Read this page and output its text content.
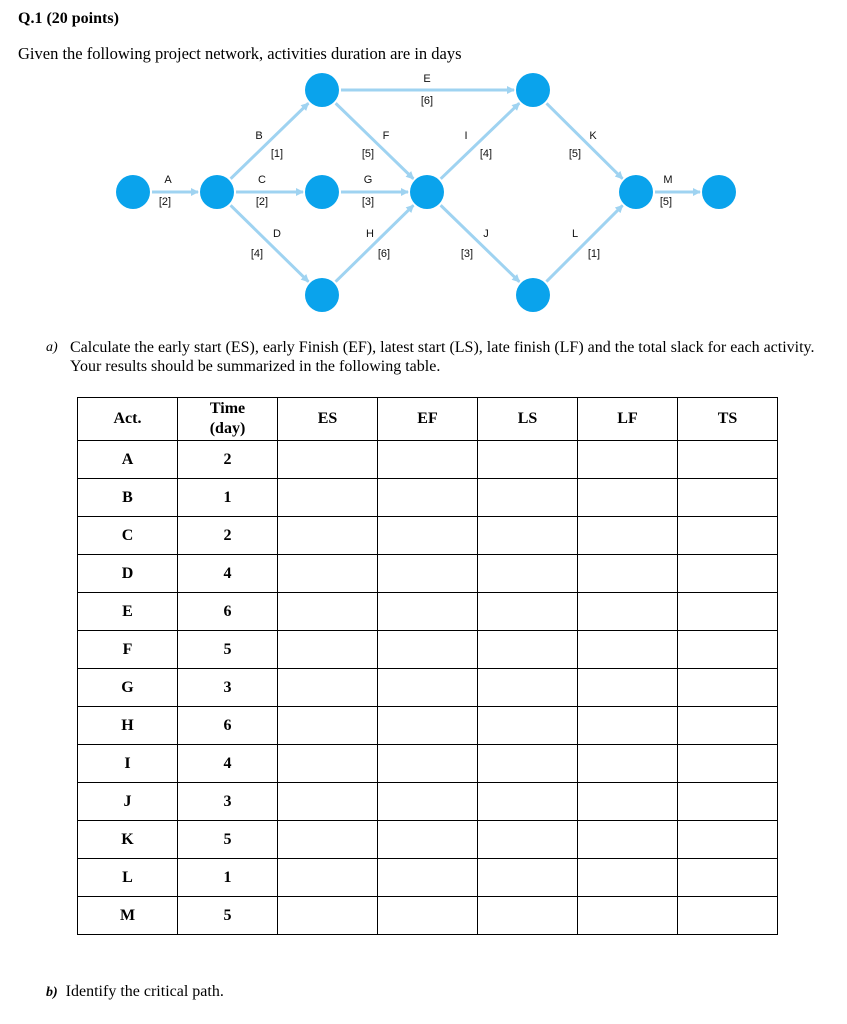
Q.1 (20 points)
Given the following project network, activities duration are in days
A
[2]
B
[1]
C
[2]
D
[4]
E
[6]
F
[5]
G
[3]
H
[6]
I
[4]
J
[3]
K
[5]
L
[1]
M
[5]
a) Calculate the early start (ES), early Finish (EF), latest start (LS), late finish (LF) and the total slack for each activity. Your results should be summarized in the following table.
Act.	Time (day)	ES	EF	LS	LF	TS
A	2					
B	1					
C	2					
D	4					
E	6					
F	5					
G	3					
H	6					
I	4					
J	3					
K	5					
L	1					
M	5					
b) Identify the critical path.
